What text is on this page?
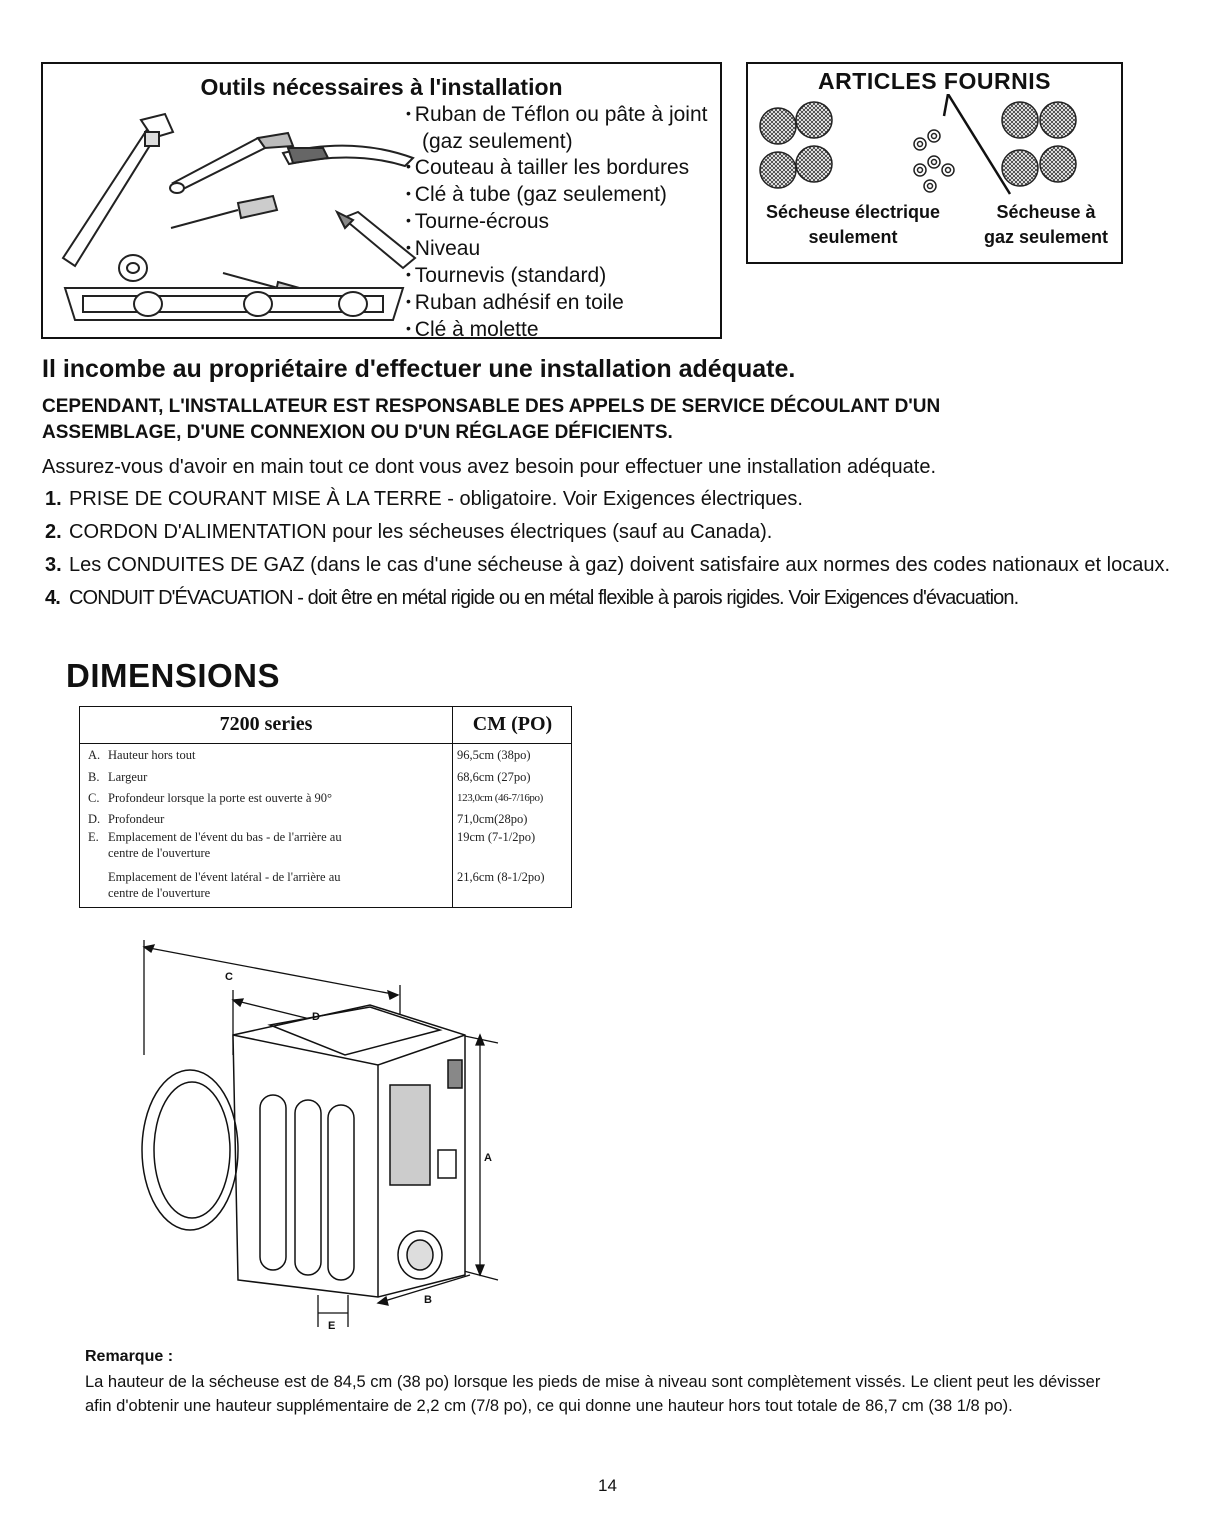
Outils nécessaires à l'installation
• Ruban de Téflon ou pâte à joint (gaz seulement)
• Couteau à tailler les bordures
• Clé à tube (gaz seulement)
• Tourne-écrous
• Niveau
• Tournevis (standard)
• Ruban adhésif en toile
• Clé à molette
ARTICLES FOURNIS
Sécheuse électrique
seulement
Sécheuse à
gaz seulement
Il incombe au propriétaire d'effectuer une installation adéquate.
CEPENDANT, L'INSTALLATEUR EST RESPONSABLE DES APPELS DE SERVICE DÉCOULANT D'UN
ASSEMBLAGE, D'UNE CONNEXION OU D'UN RÉGLAGE DÉFICIENTS.
Assurez-vous d'avoir en main tout ce dont vous avez besoin pour effectuer une installation adéquate.
1. PRISE DE COURANT MISE À LA TERRE - obligatoire. Voir Exigences électriques.
2. CORDON D'ALIMENTATION pour les sécheuses électriques (sauf au Canada).
3. Les CONDUITES DE GAZ (dans le cas d'une sécheuse à gaz) doivent satisfaire aux normes des codes nationaux et locaux.
4. CONDUIT D'ÉVACUATION - doit être en métal rigide ou en métal flexible à parois rigides. Voir Exigences d'évacuation.
DIMENSIONS
7200 series	CM (PO)
A. Hauteur hors tout	96,5cm (38po)
B. Largeur	68,6cm (27po)
C. Profondeur lorsque la porte est ouverte à 90°	123,0cm (46-7/16po)
D. Profondeur	71,0cm(28po)
E. Emplacement de l'évent du bas - de l'arrière au
centre de l'ouverture
19cm (7-1/2po)
Emplacement de l'évent latéral - de l'arrière au
centre de l'ouverture
21,6cm (8-1/2po)
C
D
A
B
E
Remarque :
La hauteur de la sécheuse est de 84,5 cm (38 po) lorsque les pieds de mise à niveau sont complètement vissés. Le client peut les dévisser afin d'obtenir une hauteur supplémentaire de 2,2 cm (7/8 po), ce qui donne une hauteur hors tout totale de 86,7 cm (38 1/8 po).
14
